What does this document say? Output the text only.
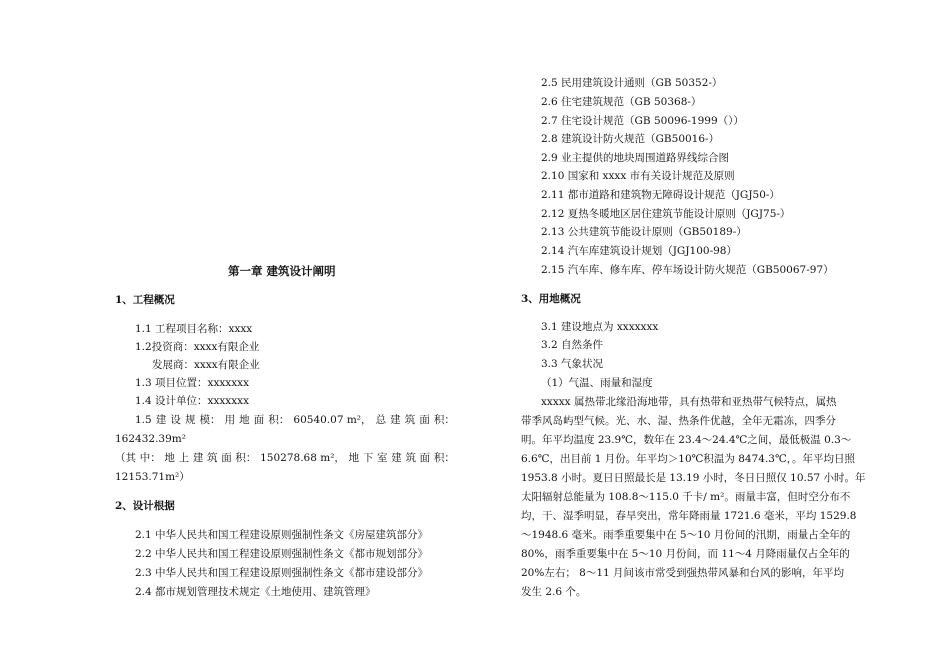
第一章 建筑设计阐明
1、工程概况
1.1 工程项目名称：xxxx
1.2投资商：xxxx有限企业
发展商：xxxx有限企业
1.3 项目位置：xxxxxxx
1.4 设计单位：xxxxxxx
1.5 建 设 规 模： 用 地 面 积： 60540.07 m²， 总 建 筑 面 积：
162432.39m²
（其 中： 地 上 建 筑 面 积： 150278.68 m²， 地 下 室 建 筑 面 积：
12153.71m²）
2、设计根据
2.1 中华人民共和国工程建设原则强制性条文《房屋建筑部分》
2.2 中华人民共和国工程建设原则强制性条文《都市规划部分》
2.3 中华人民共和国工程建设原则强制性条文《都市建设部分》
2.4 都市规划管理技术规定《土地使用、建筑管理》
2.5 民用建筑设计通则（GB 50352-）
2.6 住宅建筑规范（GB 50368-）
2.7 住宅设计规范（GB 50096-1999（））
2.8 建筑设计防火规范（GB50016-）
2.9 业主提供的地块周围道路界线综合图
2.10 国家和 xxxx 市有关设计规范及原则
2.11 都市道路和建筑物无障碍设计规范（JGJ50-）
2.12 夏热冬暖地区居住建筑节能设计原则（JGJ75-）
2.13 公共建筑节能设计原则（GB50189-）
2.14 汽车库建筑设计规划（JGJ100-98）
2.15 汽车库、修车库、停车场设计防火规范（GB50067-97）
3、用地概况
3.1 建设地点为 xxxxxxx
3.2 自然条件
3.3 气象状况
（1）气温、雨量和湿度
xxxxx 属热带北缘沿海地带，具有热带和亚热带气候特点，属热
带季风岛屿型气候。光、水、湿、热条件优越，全年无霜冻，四季分
明。年平均温度 23.9℃，数年在 23.4～24.4℃之间，最低极温 0.3～
6.6℃，出目前 1 月份。年平均＞10℃积温为 8474.3℃，。年平均日照
1953.8 小时。夏日日照最长是 13.19 小时，冬日日照仅 10.57 小时。年
太阳辐射总能量为 108.8～115.0 千卡/ m²。雨量丰富，但时空分布不
均，干、湿季明显，春旱突出，常年降雨量 1721.6 毫米，平均 1529.8
～1948.6 毫米。雨季重要集中在 5～10 月份间的汛期，雨量占全年的
80%，雨季重要集中在 5～10 月份间，而 11～4 月降雨量仅占全年的
20%左右； 8～11 月间该市常受到强热带风暴和台风的影响，年平均
发生 2.6 个。
